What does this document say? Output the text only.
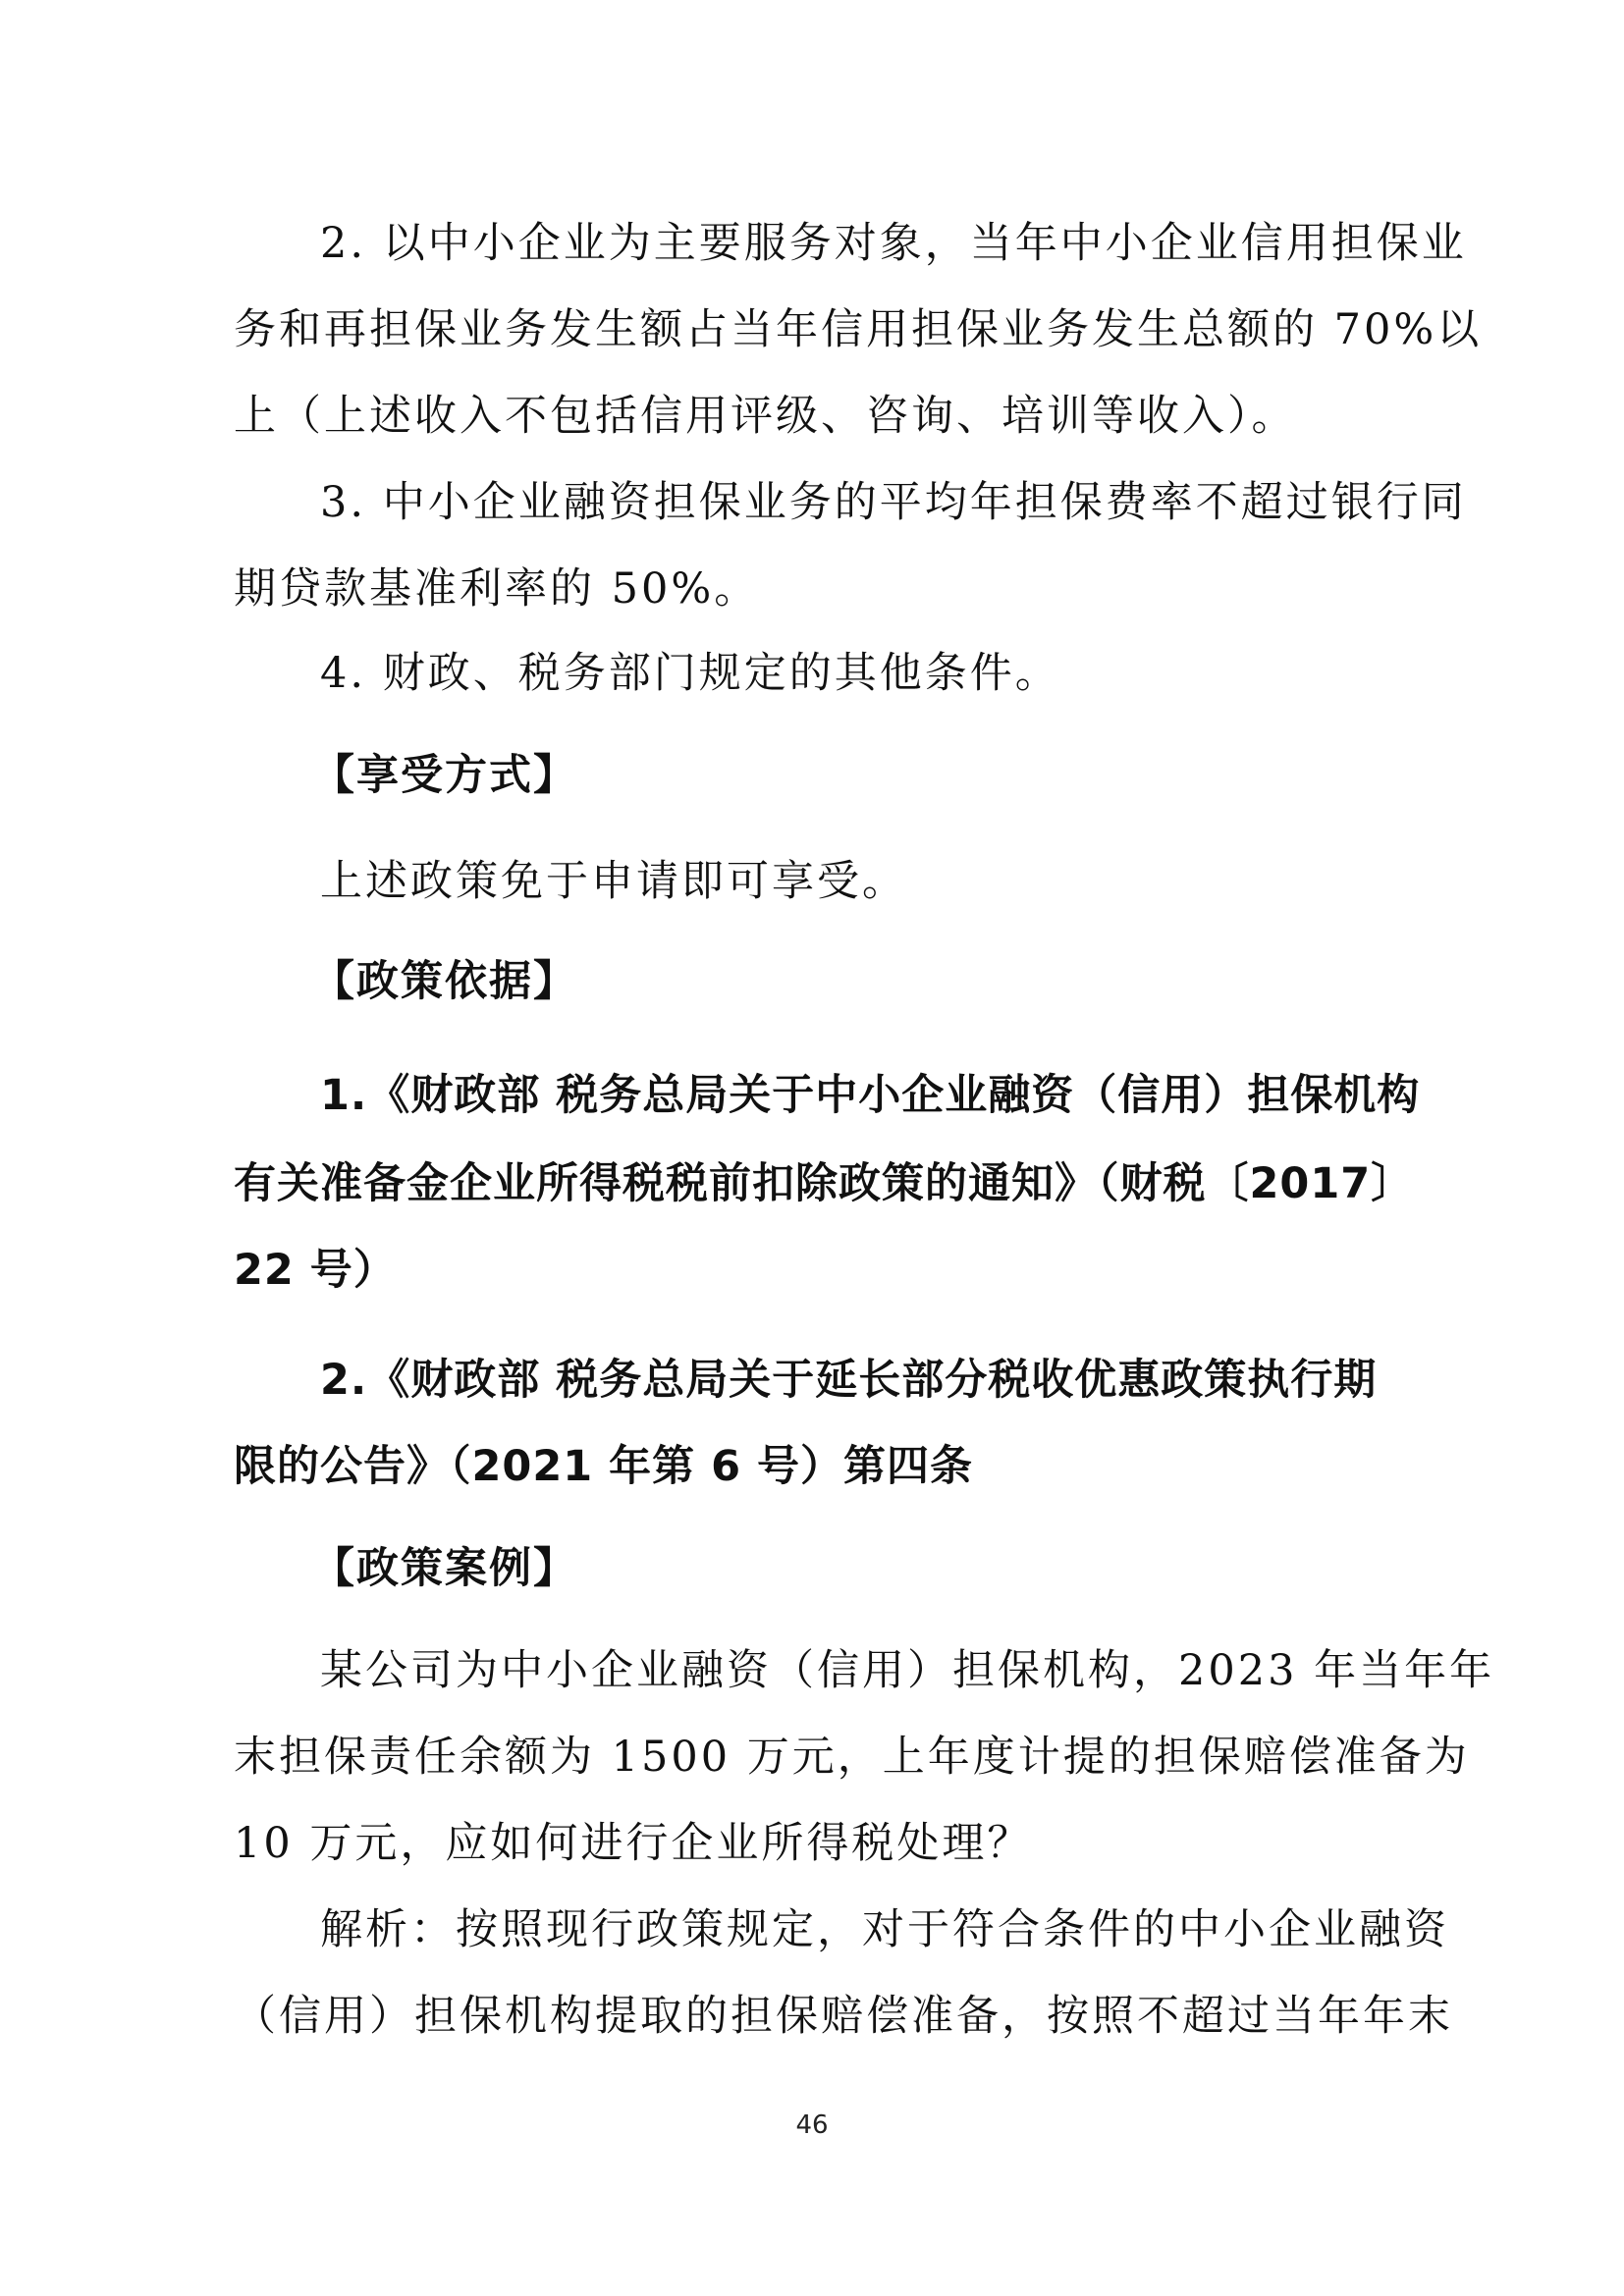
2. 以中小企业为主要服务对象，当年中小企业信用担保业
务和再担保业务发生额占当年信用担保业务发生总额的 70%以
上（上述收入不包括信用评级、咨询、培训等收入）。
3. 中小企业融资担保业务的平均年担保费率不超过银行同
期贷款基准利率的 50%。
4. 财政、税务部门规定的其他条件。
【享受方式】
上述政策免于申请即可享受。
【政策依据】
1.《财政部 税务总局关于中小企业融资（信用）担保机构
有关准备金企业所得税税前扣除政策的通知》（财税〔2017〕
22 号）
2.《财政部 税务总局关于延长部分税收优惠政策执行期
限的公告》（2021 年第 6 号）第四条
【政策案例】
某公司为中小企业融资（信用）担保机构，2023 年当年年
末担保责任余额为 1500 万元，上年度计提的担保赔偿准备为
10 万元，应如何进行企业所得税处理？
解析：按照现行政策规定，对于符合条件的中小企业融资
（信用）担保机构提取的担保赔偿准备，按照不超过当年年末
46
